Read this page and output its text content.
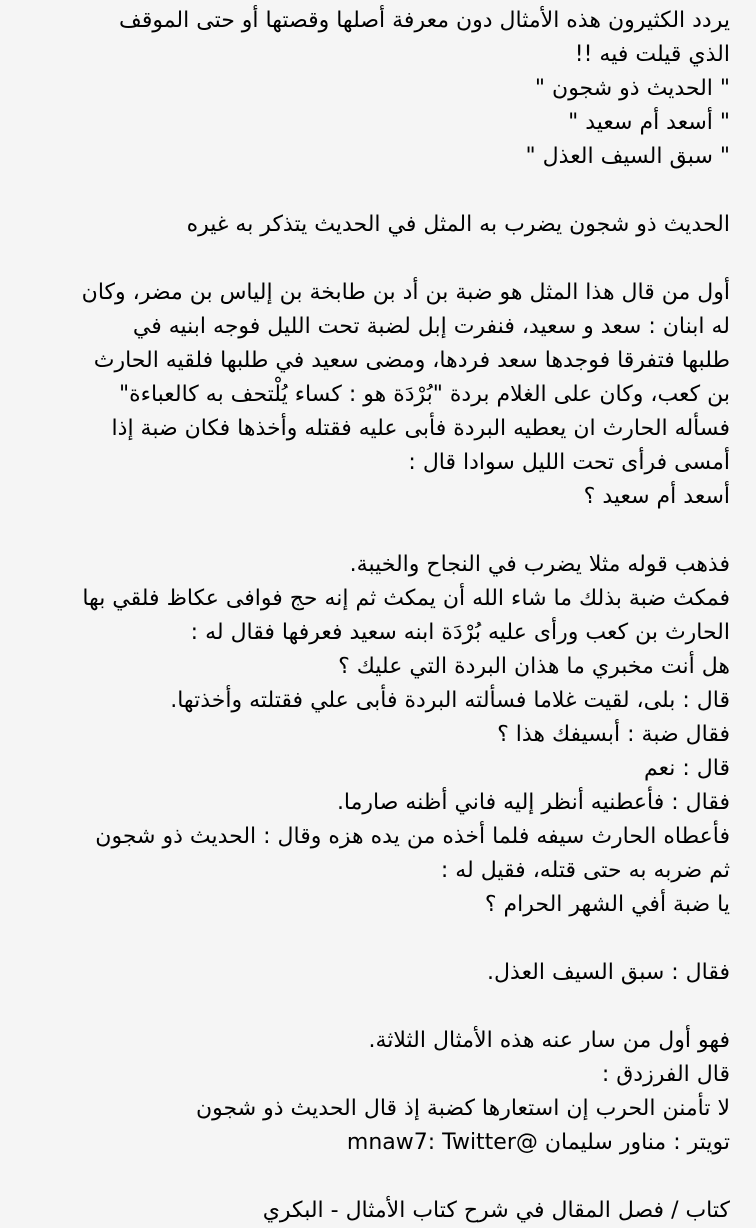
يردد الكثيرون هذه الأمثال دون معرفة أصلها وقصتها أو حتى الموقف
الذي قيلت فيه !!
" الحديث ذو شجون "
" أسعد أم سعيد "
" سبق السيف العذل "
الحديث ذو شجون يضرب به المثل في الحديث يتذكر به غيره
أول من قال هذا المثل هو ضبة بن أد بن طابخة بن إلياس بن مضر، وكان
له ابنان : سعد و سعيد، فنفرت إبل لضبة تحت الليل فوجه ابنيه في
طلبها فتفرقا فوجدها سعد فردها، ومضى سعيد في طلبها فلقيه الحارث
بن كعب، وكان على الغلام بردة "بُرْدَة هو : كساء يُلْتحف به كالعباءة"
فسأله الحارث ان يعطيه البردة فأبى عليه فقتله وأخذها فكان ضبة إذا
أمسى فرأى تحت الليل سوادا قال :
أسعد أم سعيد ؟
فذهب قوله مثلا يضرب في النجاح والخيبة.
فمكث ضبة بذلك ما شاء الله أن يمكث ثم إنه حج فوافى عكاظ فلقي بها
الحارث بن كعب ورأى عليه بُرْدَة ابنه سعيد فعرفها فقال له :
هل أنت مخبري ما هذان البردة التي عليك ؟
قال : بلى، لقيت غلاما فسألته البردة فأبى علي فقتلته وأخذتها.
فقال ضبة : أبسيفك هذا ؟
قال : نعم
فقال : فأعطنيه أنظر إليه فاني أظنه صارما.
فأعطاه الحارث سيفه فلما أخذه من يده هزه وقال : الحديث ذو شجون
ثم ضربه به حتى قتله، فقيل له :
يا ضبة أفي الشهر الحرام ؟
فقال : سبق السيف العذل.
فهو أول من سار عنه هذه الأمثال الثلاثة.
قال الفرزدق :
لا تأمنن الحرب إن استعارها كضبة إذ قال الحديث ذو شجون
تويتر : مناور سليمان @mnaw7: Twitter
كتاب / فصل المقال في شرح كتاب الأمثال - البكري
